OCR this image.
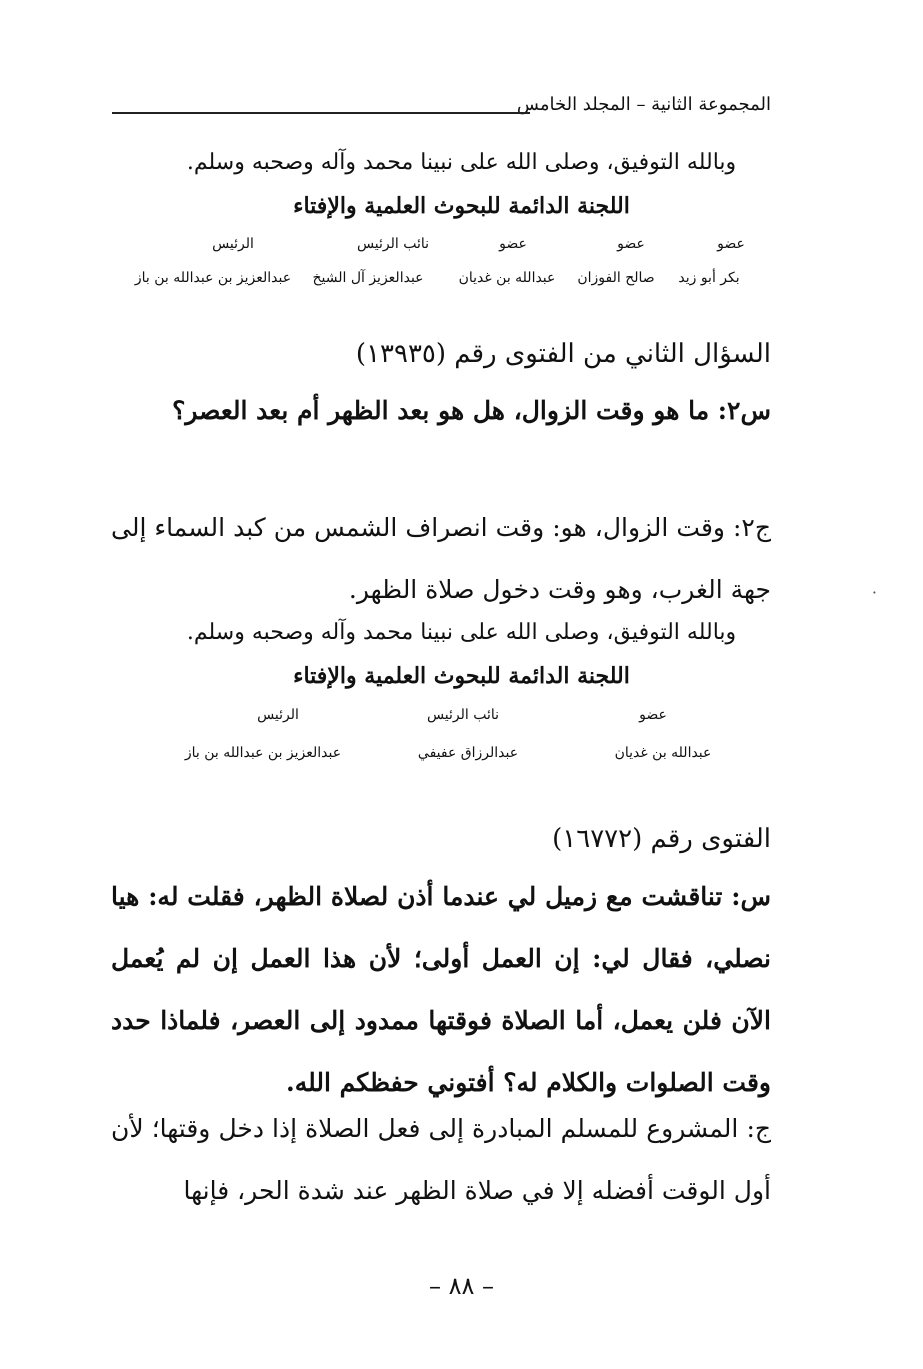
المجموعة الثانية – المجلد الخامس
وبالله التوفيق، وصلى الله على نبينا محمد وآله وصحبه وسلم.
اللجنة الدائمة للبحوث العلمية والإفتاء
عضو
عضو
عضو
نائب الرئيس
الرئيس
بكر أبو زيد
صالح الفوزان
عبدالله بن غديان
عبدالعزيز آل الشيخ
عبدالعزيز بن عبدالله بن باز
السؤال الثاني من الفتوى رقم (١٣٩٣٥)
س٢: ما هو وقت الزوال، هل هو بعد الظهر أم بعد العصر؟
ج٢: وقت الزوال، هو: وقت انصراف الشمس من كبد السماء إلى جهة الغرب، وهو وقت دخول صلاة الظهر.
وبالله التوفيق، وصلى الله على نبينا محمد وآله وصحبه وسلم.
اللجنة الدائمة للبحوث العلمية والإفتاء
عضو
نائب الرئيس
الرئيس
عبدالله بن غديان
عبدالرزاق عفيفي
عبدالعزيز بن عبدالله بن باز
الفتوى رقم (١٦٧٧٢)
س: تناقشت مع زميل لي عندما أذن لصلاة الظهر، فقلت له: هيا نصلي، فقال لي: إن العمل أولى؛ لأن هذا العمل إن لم يُعمل الآن فلن يعمل، أما الصلاة فوقتها ممدود إلى العصر، فلماذا حدد وقت الصلوات والكلام له؟ أفتوني حفظكم الله.
ج: المشروع للمسلم المبادرة إلى فعل الصلاة إذا دخل وقتها؛ لأن أول الوقت أفضله إلا في صلاة الظهر عند شدة الحر، فإنها
– ٨٨ –
·
